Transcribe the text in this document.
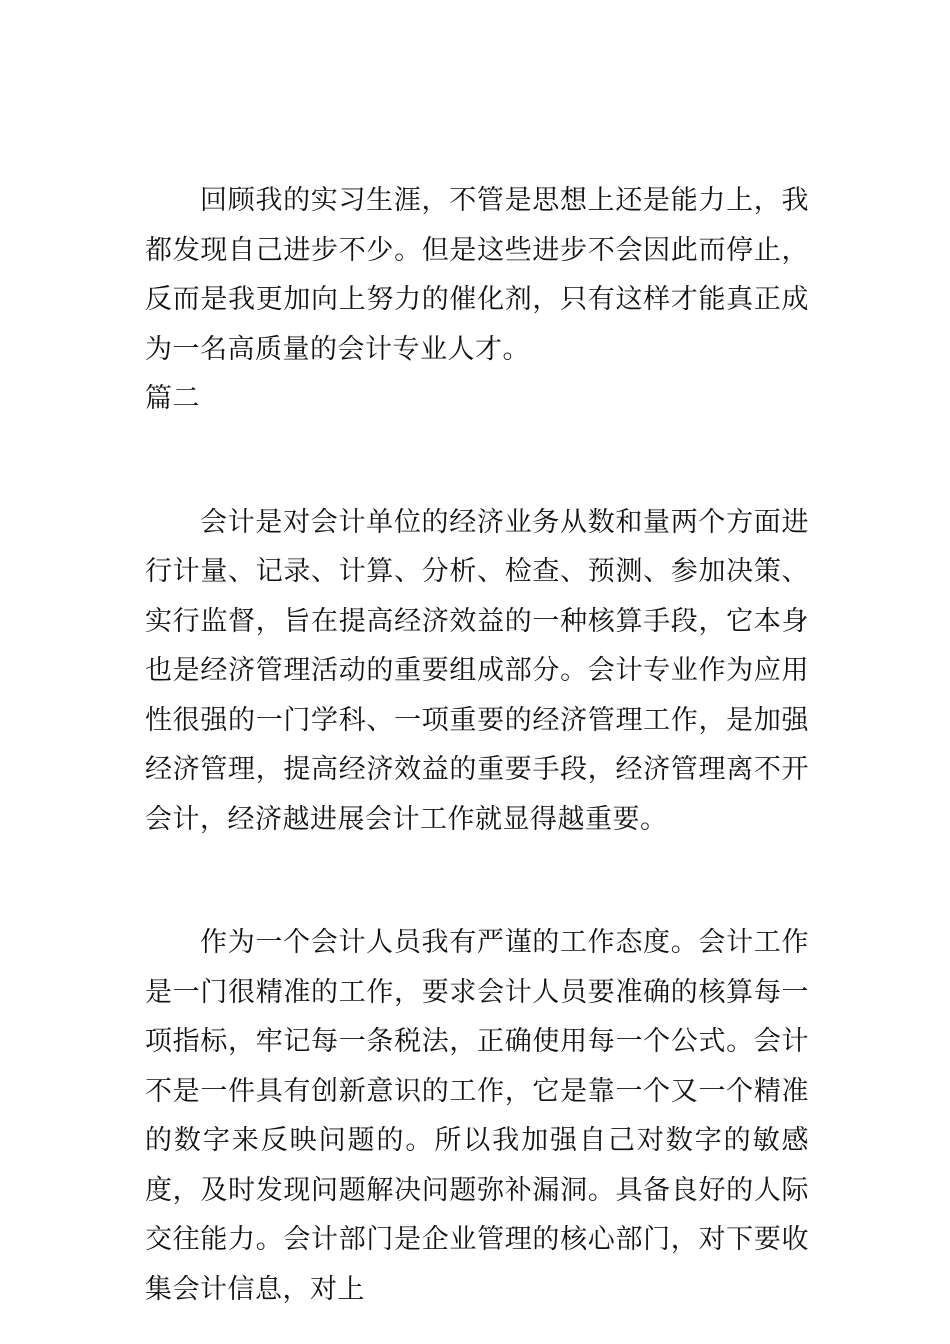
回顾我的实习生涯，不管是思想上还是能力上，我都发现自己进步不少。但是这些进步不会因此而停止，反而是我更加向上努力的催化剂，只有这样才能真正成为一名高质量的会计专业人才。

篇二

会计是对会计单位的经济业务从数和量两个方面进行计量、记录、计算、分析、检查、预测、参加决策、实行监督，旨在提高经济效益的一种核算手段，它本身也是经济管理活动的重要组成部分。会计专业作为应用性很强的一门学科、一项重要的经济管理工作，是加强经济管理，提高经济效益的重要手段，经济管理离不开会计，经济越进展会计工作就显得越重要。

作为一个会计人员我有严谨的工作态度。会计工作是一门很精准的工作，要求会计人员要准确的核算每一项指标，牢记每一条税法，正确使用每一个公式。会计不是一件具有创新意识的工作，它是靠一个又一个精准的数字来反映问题的。所以我加强自己对数字的敏感度，及时发现问题解决问题弥补漏洞。具备良好的人际交往能力。会计部门是企业管理的核心部门，对下要收集会计信息，对上
